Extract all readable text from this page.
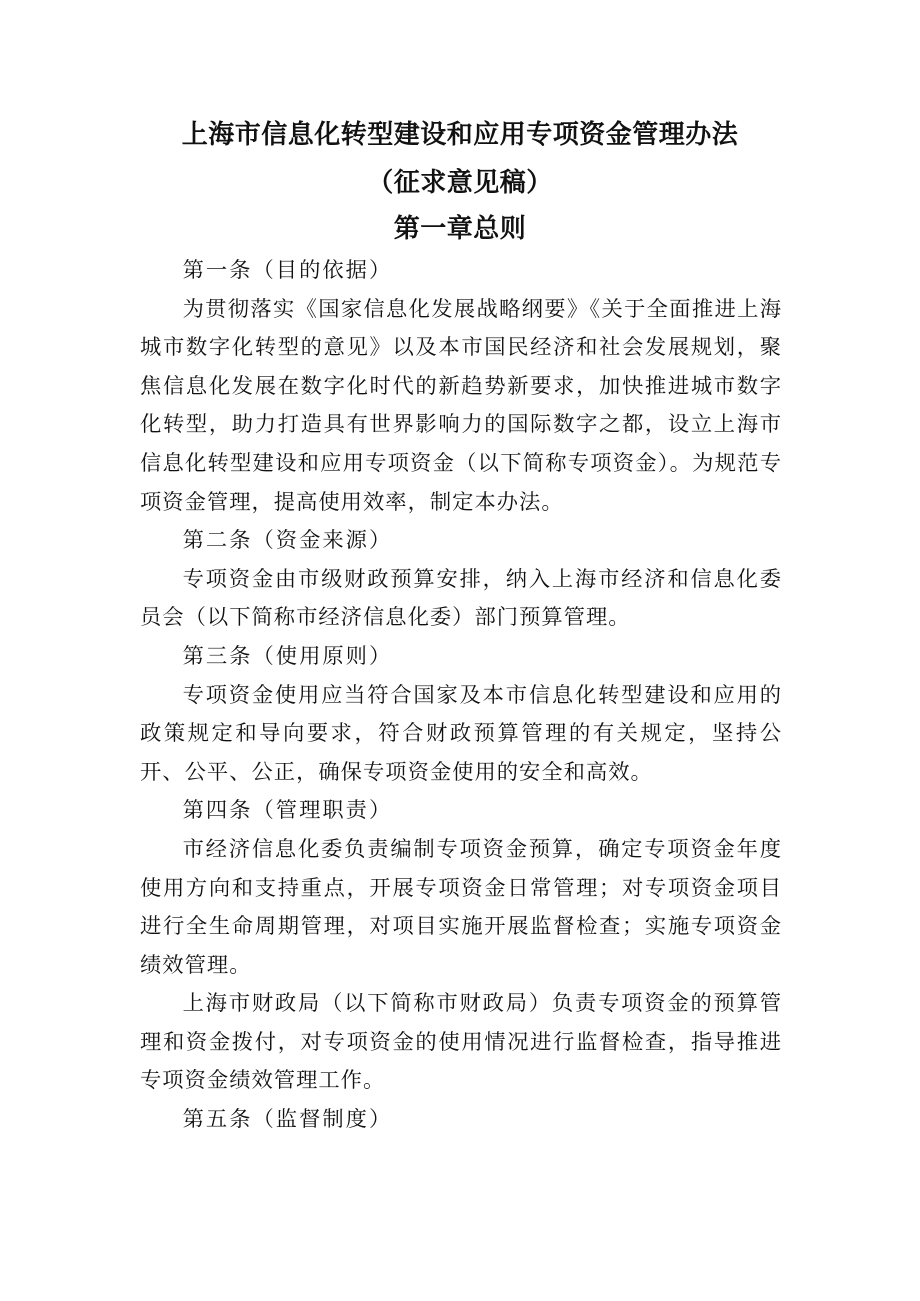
上海市信息化转型建设和应用专项资金管理办法
（征求意见稿）
第一章总则

第一条（目的依据）

为贯彻落实《国家信息化发展战略纲要》《关于全面推进上海城市数字化转型的意见》以及本市国民经济和社会发展规划，聚焦信息化发展在数字化时代的新趋势新要求，加快推进城市数字化转型，助力打造具有世界影响力的国际数字之都，设立上海市信息化转型建设和应用专项资金（以下简称专项资金）。为规范专项资金管理，提高使用效率，制定本办法。

第二条（资金来源）

专项资金由市级财政预算安排，纳入上海市经济和信息化委员会（以下简称市经济信息化委）部门预算管理。

第三条（使用原则）

专项资金使用应当符合国家及本市信息化转型建设和应用的政策规定和导向要求，符合财政预算管理的有关规定，坚持公开、公平、公正，确保专项资金使用的安全和高效。

第四条（管理职责）

市经济信息化委负责编制专项资金预算，确定专项资金年度使用方向和支持重点，开展专项资金日常管理；对专项资金项目进行全生命周期管理，对项目实施开展监督检查；实施专项资金绩效管理。

上海市财政局（以下简称市财政局）负责专项资金的预算管理和资金拨付，对专项资金的使用情况进行监督检查，指导推进专项资金绩效管理工作。

第五条（监督制度）
